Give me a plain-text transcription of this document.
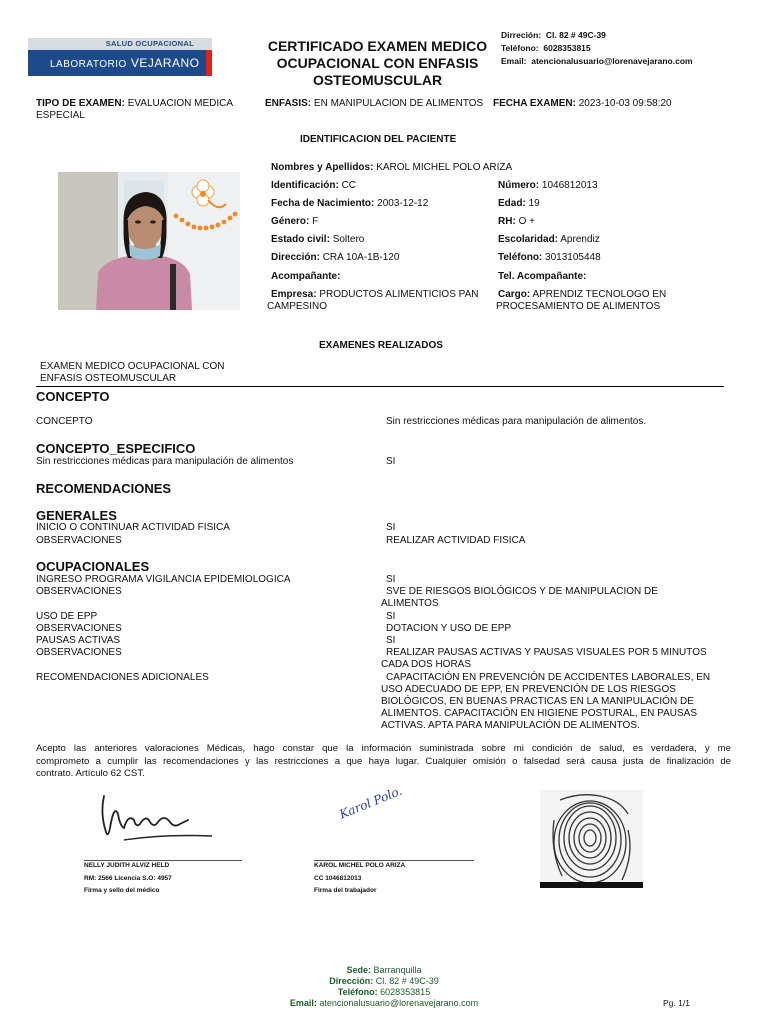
SALUD OCUPACIONAL
LABORATORIO VEJARANO
CERTIFICADO EXAMEN MEDICO OCUPACIONAL CON ENFASIS OSTEOMUSCULAR
Dirreción: Cl. 82 # 49C-39
Teléfono: 6028353815
Email: atencionalusuario@lorenavejarano.com
TIPO DE EXAMEN: EVALUACION MEDICA ESPECIAL
ENFASIS: EN MANIPULACION DE ALIMENTOS FECHA EXAMEN: 2023-10-03 09:58:20
IDENTIFICACION DEL PACIENTE
Nombres y Apellidos: KAROL MICHEL POLO ARIZA
Identificación: CC	Número: 1046812013
Fecha de Nacimiento: 2003-12-12	Edad: 19
Género: F	RH: O +
Estado civil: Soltero	Escolaridad: Aprendiz
Dirección: CRA 10A-1B-120	Teléfono: 3013105448
Acompañante:	Tel. Acompañante:
Empresa: PRODUCTOS ALIMENTICIOS PAN
CAMPESINO
Cargo: APRENDIZ TECNOLOGO EN
PROCESAMIENTO DE ALIMENTOS
EXAMENES REALIZADOS
EXAMEN MEDICO OCUPACIONAL CON
ENFASIS OSTEOMUSCULAR
CONCEPTO
CONCEPTO	Sin restricciones médicas para manipulación de alimentos.
CONCEPTO_ESPECIFICO
Sin restricciones médicas para manipulación de alimentos	SI
RECOMENDACIONES
GENERALES
INICIO O CONTINUAR ACTIVIDAD FISICA	SI
OBSERVACIONES	REALIZAR ACTIVIDAD FISICA
OCUPACIONALES
INGRESO PROGRAMA VIGILANCIA EPIDEMIOLOGICA	SI
OBSERVACIONES	SVE DE RIESGOS BIOLÓGICOS Y DE MANIPULACION DE
ALIMENTOS
USO DE EPP	SI
OBSERVACIONES	DOTACION Y USO DE EPP
PAUSAS ACTIVAS	SI
OBSERVACIONES	REALIZAR PAUSAS ACTIVAS Y PAUSAS VISUALES POR 5 MINUTOS
CADA DOS HORAS
RECOMENDACIONES ADICIONALES	CAPACITACIÓN EN PREVENCIÓN DE ACCIDENTES LABORALES, EN
USO ADECUADO DE EPP, EN PREVENCIÓN DE LOS RIESGOS
BIOLÓGICOS, EN BUENAS PRACTICAS EN LA MANIPULACIÓN DE
ALIMENTOS. CAPACITACIÓN EN HIGIENE POSTURAL, EN PAUSAS
ACTIVAS. APTA PARA MANIPULACIÓN DE ALIMENTOS.
Acepto las anteriores valoraciones Médicas, hago constar que la información suministrada sobre mi condición de salud, es verdadera, y me
comprometo a cumplir las recomendaciones y las restricciones a que haya lugar. Cualquier omisión o falsedad será causa justa de finalización de
contrato. Artículo 62 CST.
NELLY JUDITH ALVIZ HELD
RM: 2566 Licencia S.O: 4957
Firma y sello del médico
Karol Polo.
KAROL MICHEL POLO ARIZA
CC 1046812013
Firma del trabajador
Sede: Barranquilla
Dirección: Cl. 82 # 49C-39
Teléfono: 6028353815
Email: atencionalusuario@lorenavejarano.com	Pg. 1/1
